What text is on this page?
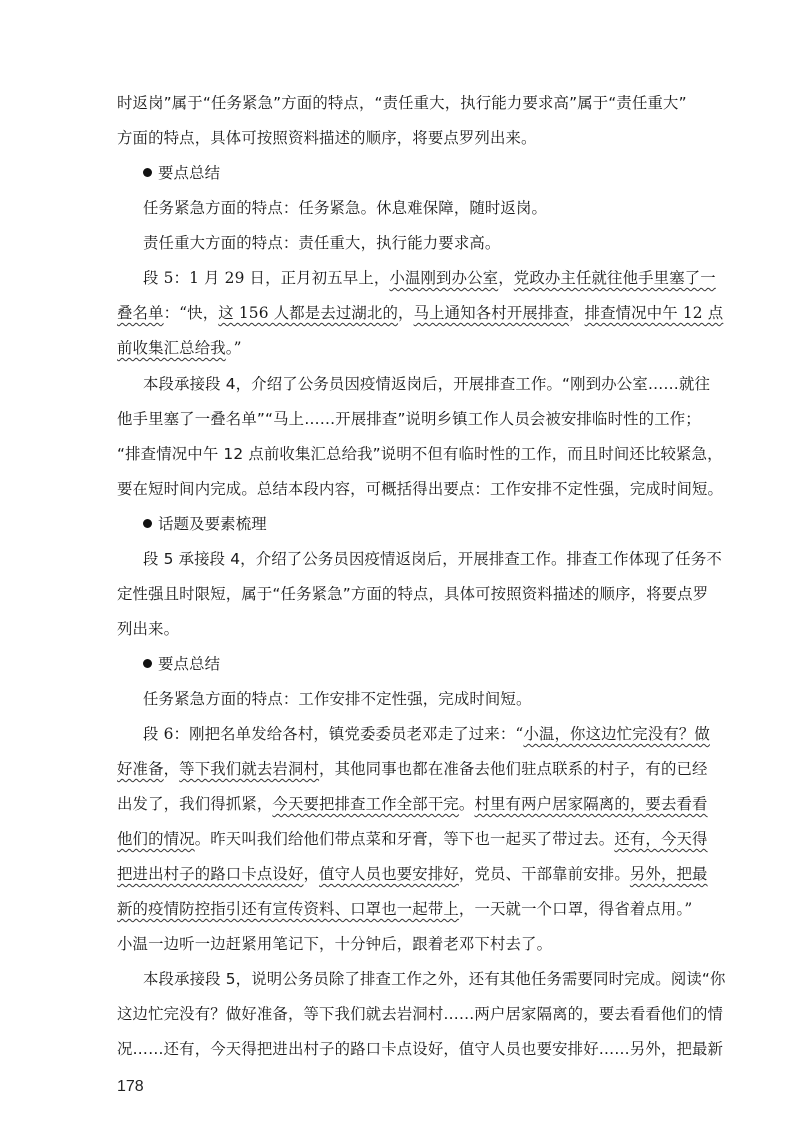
时返岗”属于“任务紧急”方面的特点，“责任重大，执行能力要求高”属于“责任重大”
方面的特点，具体可按照资料描述的顺序，将要点罗列出来。
要点总结
任务紧急方面的特点：任务紧急。休息难保障，随时返岗。
责任重大方面的特点：责任重大，执行能力要求高。
段 5：1 月 29 日，正月初五早上，小温刚到办公室，党政办主任就往他手里塞了一
叠名单：“快，这 156 人都是去过湖北的，马上通知各村开展排查，排查情况中午 12 点
前收集汇总给我。”
本段承接段 4，介绍了公务员因疫情返岗后，开展排查工作。“刚到办公室……就往
他手里塞了一叠名单”“马上……开展排查”说明乡镇工作人员会被安排临时性的工作；
“排查情况中午 12 点前收集汇总给我”说明不但有临时性的工作，而且时间还比较紧急，
要在短时间内完成。总结本段内容，可概括得出要点：工作安排不定性强，完成时间短。
话题及要素梳理
段 5 承接段 4，介绍了公务员因疫情返岗后，开展排查工作。排查工作体现了任务不
定性强且时限短，属于“任务紧急”方面的特点，具体可按照资料描述的顺序，将要点罗
列出来。
要点总结
任务紧急方面的特点：工作安排不定性强，完成时间短。
段 6：刚把名单发给各村，镇党委委员老邓走了过来：“小温，你这边忙完没有？做
好准备，等下我们就去岩洞村，其他同事也都在准备去他们驻点联系的村子，有的已经
出发了，我们得抓紧，今天要把排查工作全部干完。村里有两户居家隔离的，要去看看
他们的情况。昨天叫我们给他们带点菜和牙膏，等下也一起买了带过去。还有，今天得
把进出村子的路口卡点设好，值守人员也要安排好，党员、干部靠前安排。另外，把最
新的疫情防控指引还有宣传资料、口罩也一起带上，一天就一个口罩，得省着点用。”
小温一边听一边赶紧用笔记下，十分钟后，跟着老邓下村去了。
本段承接段 5，说明公务员除了排查工作之外，还有其他任务需要同时完成。阅读“你
这边忙完没有？做好准备，等下我们就去岩洞村……两户居家隔离的，要去看看他们的情
况……还有，今天得把进出村子的路口卡点设好，值守人员也要安排好……另外，把最新
178
